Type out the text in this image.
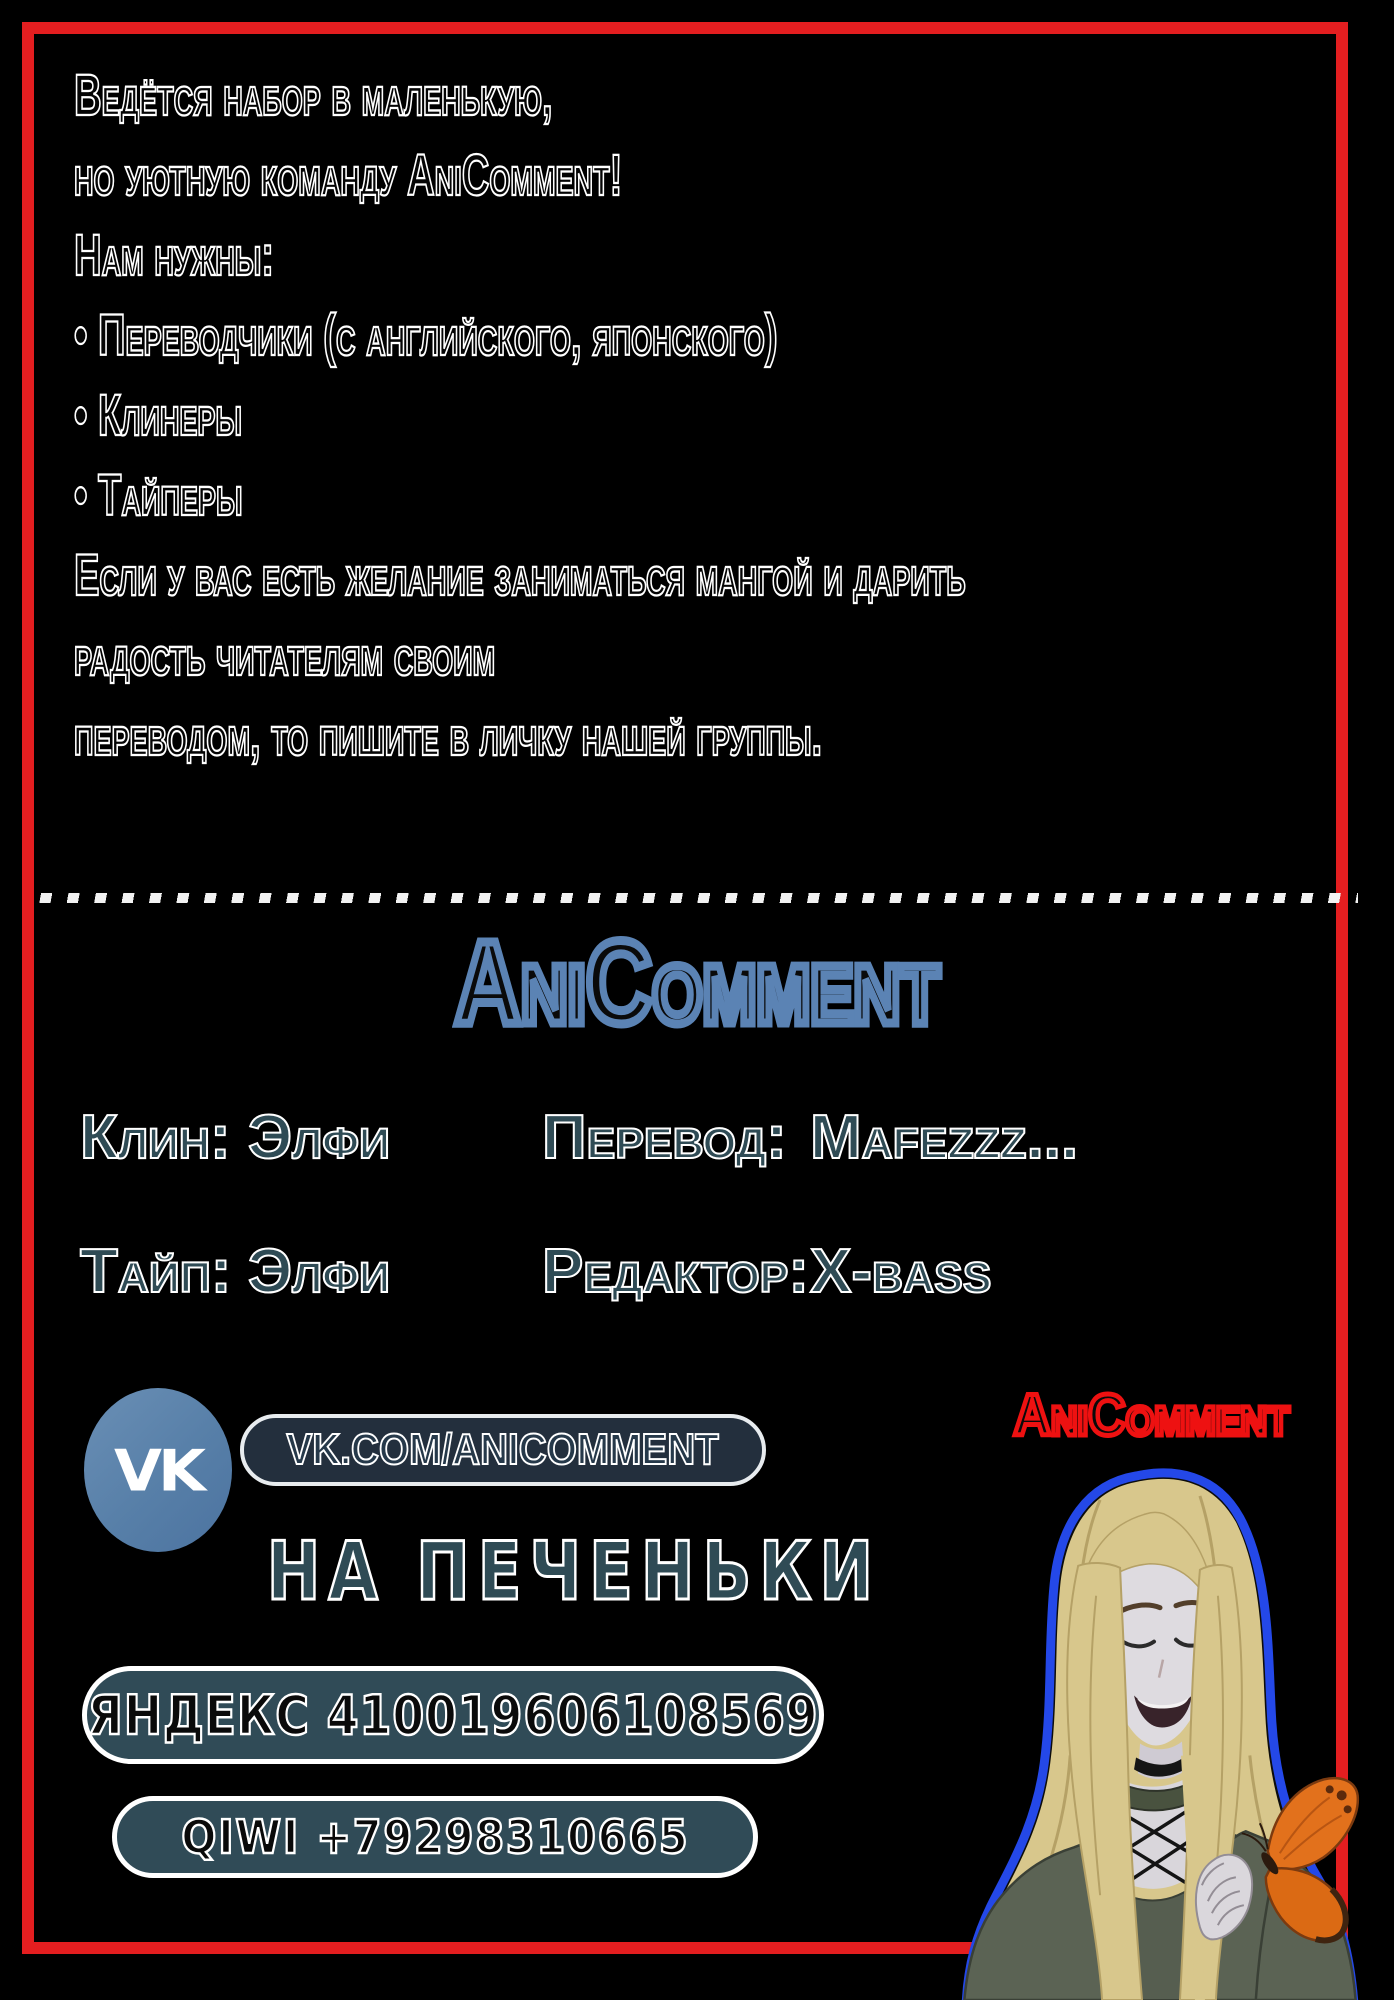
Ведётся набор в маленькую,
но уютную команду AniComment!
Нам нужны:
• Переводчики (с английского, японского)
• Клинеры
• Тайперы
Если у вас есть желание заниматься мангой и дарить
радость читателям своим
переводом, то пишите в личку нашей группы.
AniComment
Клин: Элфи Перевод: Mafezzz...
Тайп: Элфи Редактор:X-bass
VK VK.COM/ANICOMMENT
AniComment
НА ПЕЧЕНЬКИ
ЯНДЕКС 410019606108569
QIWI +79298310665
